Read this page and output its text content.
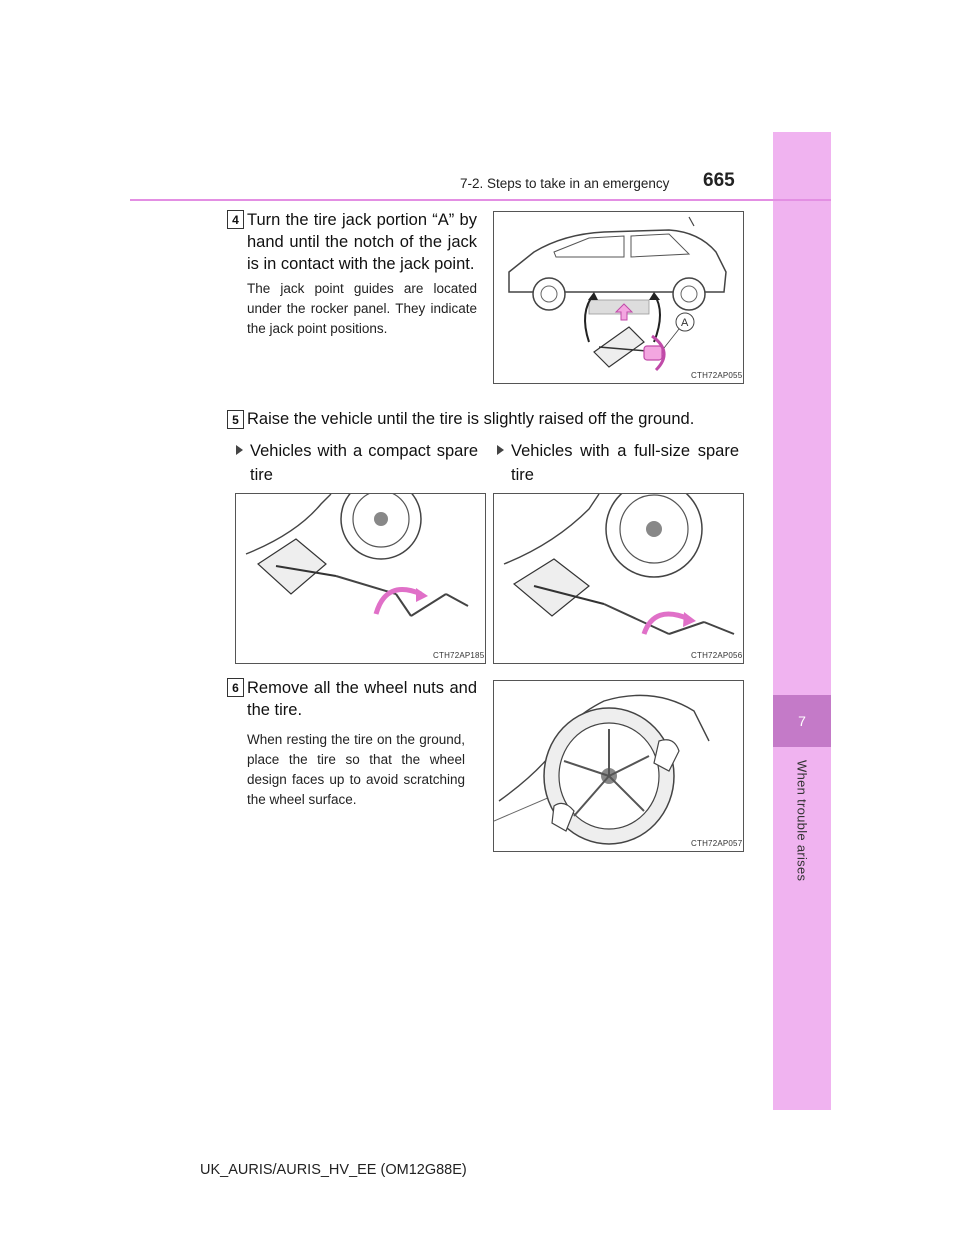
7
When trouble arises
7-2. Steps to take in an emergency 665
4 Turn the tire jack portion “A” by hand until the notch of the jack is in contact with the jack point.
The jack point guides are located under the rocker panel. They indicate the jack point positions.	A
CTH72AP055
5 Raise the vehicle until the tire is slightly raised off the ground.
Vehicles with a compact spare tire
Vehicles with a full-size spare tire
CTH72AP185	CTH72AP056
6 Remove all the wheel nuts and the tire.
When resting the tire on the ground, place the tire so that the wheel design faces up to avoid scratching the wheel surface.
CTH72AP057
UK_AURIS/AURIS_HV_EE (OM12G88E)
